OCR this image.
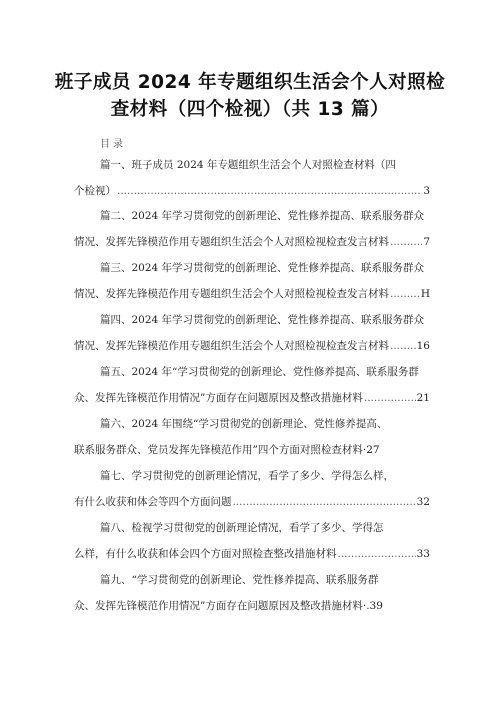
班子成员 2024 年专题组织生活会个人对照检
查材料（四个检视）（共 13 篇）
目录
篇一、班子成员 2024 年专题组织生活会个人对照检查材料（四
个检视） .....	3
篇二、2024 年学习贯彻党的创新理论、党性修养提高、联系服务群众
情况、发挥先锋模范作用专题组织生活会个人对照检视检查发言材料 .....	7
篇三、2024 年学习贯彻党的创新理论、党性修养提高、联系服务群众
情况、发挥先锋模范作用专题组织生活会个人对照检视检查发言材料 .....	H
篇四、2024 年学习贯彻党的创新理论、党性修养提高、联系服务群众
情况、发挥先锋模范作用专题组织生活会个人对照检视检查发言材料 .....	16
篇五、2024 年“学习贯彻党的创新理论、党性修养提高、联系服务群
众、发挥先锋模范作用情况”方面存在问题原因及整改措施材料 .....	21
篇六、2024 年围绕“学习贯彻党的创新理论、党性修养提高、
联系服务群众、党员发挥先锋模范作用”四个方面对照检查材料· 27
篇七、学习贯彻党的创新理论情况，看学了多少、学得怎么样，
有什么收获和体会等四个方面问题 .....	32
篇八、检视学习贯彻党的创新理论情况，看学了多少、学得怎
么样，有什么收获和体会四个方面对照检查整改措施材料 .....	33
篇九、“学习贯彻党的创新理论、党性修养提高、联系服务群
众、发挥先锋模范作用情况”方面存在问题原因及整改措施材料· .39
